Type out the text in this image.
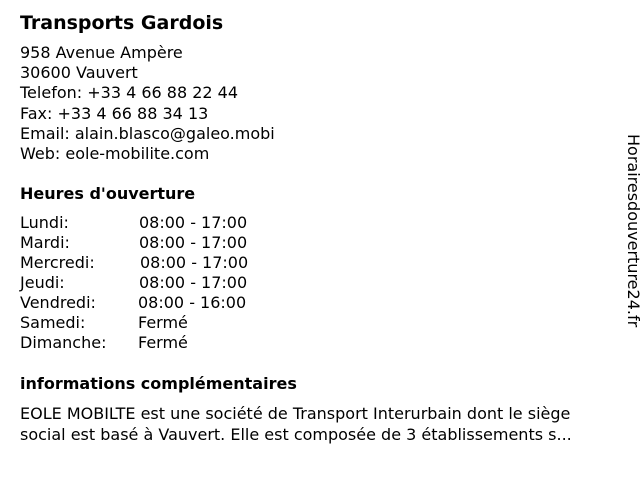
Transports Gardois
958 Avenue Ampère
30600 Vauvert
Telefon: +33 4 66 88 22 44
Fax: +33 4 66 88 34 13
Email: alain.blasco@galeo.mobi
Web: eole-mobilite.com
Heures d'ouverture
Lundi:	08:00 - 17:00
Mardi:	08:00 - 17:00
Mercredi:	08:00 - 17:00
Jeudi:	08:00 - 17:00
Vendredi:	08:00 - 16:00
Samedi:	Fermé
Dimanche: Fermé
informations complémentaires
EOLE MOBILTE est une société de Transport Interurbain dont le siège
social est basé à Vauvert. Elle est composée de 3 établissements s...
Horairesdouverture24.fr
